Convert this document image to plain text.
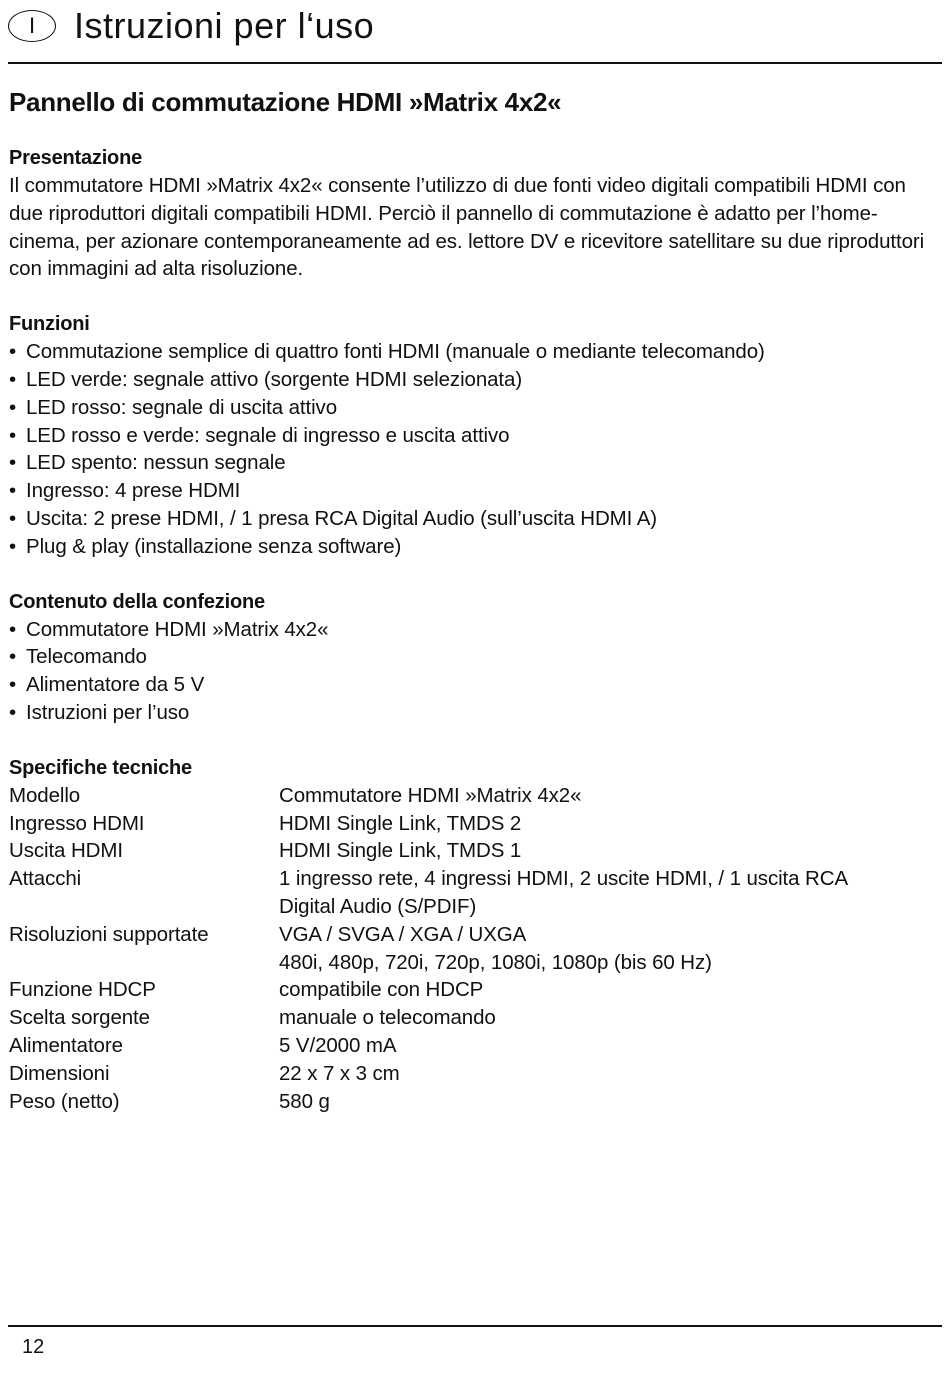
I	Istruzioni per l‘uso
Pannello di commutazione HDMI »Matrix 4x2«
Presentazione

Il commutatore HDMI »Matrix 4x2« consente l’utilizzo di due fonti video digitali compatibili HDMI con due riproduttori digitali compatibili HDMI. Perciò il pannello di commutazione è adatto per l’home-cinema, per azionare contemporaneamente ad es. lettore DV e ricevitore satellitare su due riproduttori con immagini ad alta risoluzione.

Funzioni
• Commutazione semplice di quattro fonti HDMI (manuale o mediante telecomando)
• LED verde: segnale attivo (sorgente HDMI selezionata)
• LED rosso: segnale di uscita attivo
• LED rosso e verde: segnale di ingresso e uscita attivo
• LED spento: nessun segnale
• Ingresso: 4 prese HDMI
• Uscita: 2 prese HDMI, / 1 presa RCA Digital Audio (sull’uscita HDMI A)
• Plug & play (installazione senza software)
Contenuto della confezione
• Commutatore HDMI »Matrix 4x2«
• Telecomando
• Alimentatore da 5 V
• Istruzioni per l’uso
Specifiche tecniche
Modello	Commutatore HDMI »Matrix 4x2«
Ingresso HDMI	HDMI Single Link, TMDS 2
Uscita HDMI	HDMI Single Link, TMDS 1
Attacchi	1 ingresso rete, 4 ingressi HDMI, 2 uscite HDMI, / 1 uscita RCA
Digital Audio (S/PDIF)
Risoluzioni supportate	VGA / SVGA / XGA / UXGA
480i, 480p, 720i, 720p, 1080i, 1080p (bis 60 Hz)
Funzione HDCP	compatibile con HDCP
Scelta sorgente	manuale o telecomando
Alimentatore	5 V/2000 mA
Dimensioni	22 x 7 x 3 cm
Peso (netto)	580 g
12
